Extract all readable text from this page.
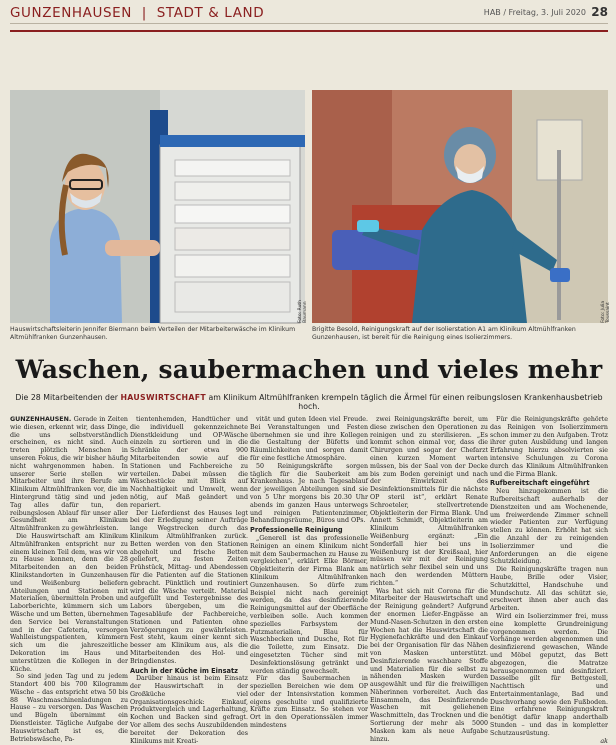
GUNZENHAUSEN  |  STADT & LAND	HAB / Freitag, 3. Juli 2020 28
Foto: Ruth Baumann
Hauswirtschaftsleiterin Jennifer Biermann beim Verteilen der Mitarbeiterwäsche im Klinikum Altmühlfranken Gunzenhausen.
Foto: Julia Toussaint
Brigitte Besold, Reinigungskraft auf der Isolierstation A1 am Klinikum Altmühlfranken Gunzenhausen, ist bereit für die Reinigung eines Isolierzimmers.
Waschen, saubermachen und vieles mehr
Die 28 Mitarbeitenden der HAUSWIRTSCHAFT am Klinikum Altmühlfranken krempeln täglich die Ärmel für einen reibungslosen Krankenhausbetrieb hoch.

GUNZENHAUSEN. Gerade in Zeiten wie diesen, erkennt wir, dass Dinge, die uns selbstverständlich erscheinen, es nicht sind. Auch treten plötzlich Menschen in unseren Fokus, die wir bisher häufig nicht wahrgenommen haben. In unserer Serie stellen wir Mitarbeiter und ihre Berufe am Klinikum Altmühlfranken vor, die im Hintergrund tätig sind und jeden Tag alles dafür tun, den reibungslosen Ablauf für unser aller Gesundheit am Klinikum Altmühlfranken zu gewährleisten.

Die Hauswirtschaft am Klinikum Altmühlfranken entspricht nur zu einem kleinen Teil dem, was wir von zu Hause kennen, denn die 28 Mitarbeitenden an den beiden Klinikstandorten in Gunzenhausen und Weißenburg beliefern Abteilungen und Stationen mit Materialien, übermitteln Proben und Laborberichte, kümmern sich um Wäsche und um Betten, übernehmen den Service bei Veranstaltungen und in der Cafeteria, versorgen Wahlleistungspatienten, kümmern sich um die jahreszeitliche Dekoration im Haus und unterstützen die Kollegen in der Küche.

So sind jeden Tag und zu jedem Standort 400 bis 700 Kilogramm Wäsche – das entspricht etwa 50 bis 88 Waschmaschinenladungen zu Hause – zu versorgen. Das Waschen und Bügeln übernimmt ein Dienstleister. Tägliche Aufgabe der Hauswirtschaft ist es, die Betriebswäsche, Pa-

tientenhemden, Handtücher und die individuell gekennzeichnete Dienstkleidung und OP-Wäsche einzeln zu sortieren und in die Schränke der etwa 900 Mitarbeitenden sowie auf die Stationen und Fachbereiche zu verteilen. Dabei müssen die Wäschestücke mit Blick auf Nachhaltigkeit und Umwelt, wenn nötig, auf Maß geändert und repariert.

Der Lieferdienst des Hauses legt bei der Erledigung seiner Aufträge lange Wegstrecken durch das Klinikum Altmühlfranken zurück. Betten werden von den Stationen abgeholt und frische Betten geliefert, zu festen Zeiten Frühstück, Mittag- und Abendessen für die Patienten auf die Stationen gebracht. Pünktlich und routiniert wird die Wäsche verteilt. Material aufgefüllt und Testergebnisse des Labors übergeben, um die Tagesabläufe der Fachbereiche, Stationen und Patienten ohne Verzögerungen zu gewährleisten. Fest steht, kaum einer kennt sich besser am Klinikum aus, als die Mitarbeitenden des Hol- und Bringdienstes.

Auch in der Küche im Einsatz

Darüber hinaus ist beim Einsatz der Hauswirtschaft in der Großküche viel Organisationsgeschick: Einkauf, Produktvergleich und Lagerhaltung, Kochen und Backen sind gefragt. Vor allem des sechs Auszubildenden bereitet der Dekoration des Klinikums mit Kreati-

vität und guten Ideen viel Freude. Bei Veranstaltungen und Festen übernehmen sie und ihre Kollegen die Gestaltung der Büfetts und Räumlichkeiten und sorgen damit für eine festliche Atmosphäre.

50 Reinigungskräfte sorgen täglich für die Sauberkeit am Krankenhaus. Je nach Tagesablauf der jeweiligen Abteilungen sind sie von 5 Uhr morgens bis 20.30 Uhr abends im ganzen Haus unterwegs und reinigen Patientenzimmer, Behandlungsräume, Büros und OPs.

Professionelle Reinigung

„Generell ist das professionelle Reinigen an einem Klinikum nicht mit dem Saubermachen zu Hause zu vergleichen“, erklärt Elke Börmer, Objektleiterin der Firma Blank am Klinikum Altmühlfranken Gunzenhausen. So dürfe zum Beispiel nicht nach gereinigt werden, da das desinfizierende Reinigungsmittel auf der Oberfläche verbleiben solle. Auch kommen spezielles Farbsystem der Putzmaterialien, Blau für Waschbecken und Dusche, Rot für die Toilette, zum Einsatz. Die eingesetzten Tücher sind mit Desinfektionslösung getränkt und werden ständig gewechselt.

Für das Saubermachen in speziellen Bereichen wie dem OP oder der Intensivstation kommen eigens geschulte und qualifizierte Kräfte zum Einsatz. So stehen vor Ort in den Operationssälen immer mindestens

zwei Reinigungskräfte bereit, um diese zwischen den Operationen zu reinigen und zu sterilisieren. „Es kommt schon einmal vor, dass die Chirurgen und sogar der Chefarzt einen kurzen Moment warten müssen, bis der Saal von der Decke bis zum Boden gereinigt und nach der Einwirkzeit des Desinfektionsmittels für die nächste OP steril ist“, erklärt Renate Schroeteler, stellvertretende Objektleiterin der Firma Blank. Und Annett Schmidt, Objektleiterin am Klinikum Altmühlfranken Weißenburg ergänzt: „Ein Sonderfall hier bei uns in Weißenburg ist der Kreißsaal, hier müssen wir mit der Reinigung natürlich sehr flexibel sein und uns nach den werdenden Müttern richten.“

Was hat sich mit Corona für die Mitarbeiter der Hauswirtschaft und der Reinigung geändert? Aufgrund der enormen Liefer-Engpässe an Mund-Nasen-Schutzen in den ersten Wochen hat die Hauswirtschaft die Hygienefachkräfte und den Einkauf bei der Organisation für das Nähen von Masken unterstützt. Desinfizierende waschbare Stoffe und Materialien für die selbst zu nähenden Masken wurden ausgewählt und für die freiwilligen Näherinnen vorbereitet. Auch das Einsammeln, das Desinfizierende Waschen mit geliehenen Waschmitteln, das Trocknen und die Sortierung der mehr als 5000 Masken kam als neue Aufgabe hinzu.

Für die Reinigungskräfte gehörte das Reinigen von Isolierzimmern schon immer zu den Aufgaben. Trotz ihrer guten Ausbildung und langen Erfahrung hierzu absolvierten sie intensive Schulungen zu Corona durch das Klinikum Altmühlfranken und die Firma Blank.

Rufbereitschaft eingeführt

Neu hinzugekommen ist die Rufbereitschaft außerhalb der Dienstzeiten und am Wochenende, um freiwerdende Zimmer schnell wieder Patienten zur Verfügung stellen zu können. Erhöht hat sich die Anzahl der zu reinigenden Isolierzimmer und die Anforderungen an die eigene Schutzkleidung.

Die Reinigungskräfte tragen nun Haube, Brille oder Visier, Schutzkittel, Handschuhe und Mundschutz. All das schützt sie, erschwert ihnen aber auch das Arbeiten.

Wird ein Isolierzimmer frei, muss eine komplette Grundreinigung vorgenommen werden. Die Vorhänge werden abgenommen und desinfizierend gewaschen, Wände und Möbel geputzt, das Bett abgezogen, die Matratze herausgenommen und desinfiziert. Dasselbe gilt für Bettgestell, Nachttisch und Entertainmentanlage, Bad und Duschvorhang sowie den Fußboden. Eine erfahrene Reinigungskraft benötigt dafür knapp anderthalb Stunden – und das in kompletter Schutzausrüstung.

ak
